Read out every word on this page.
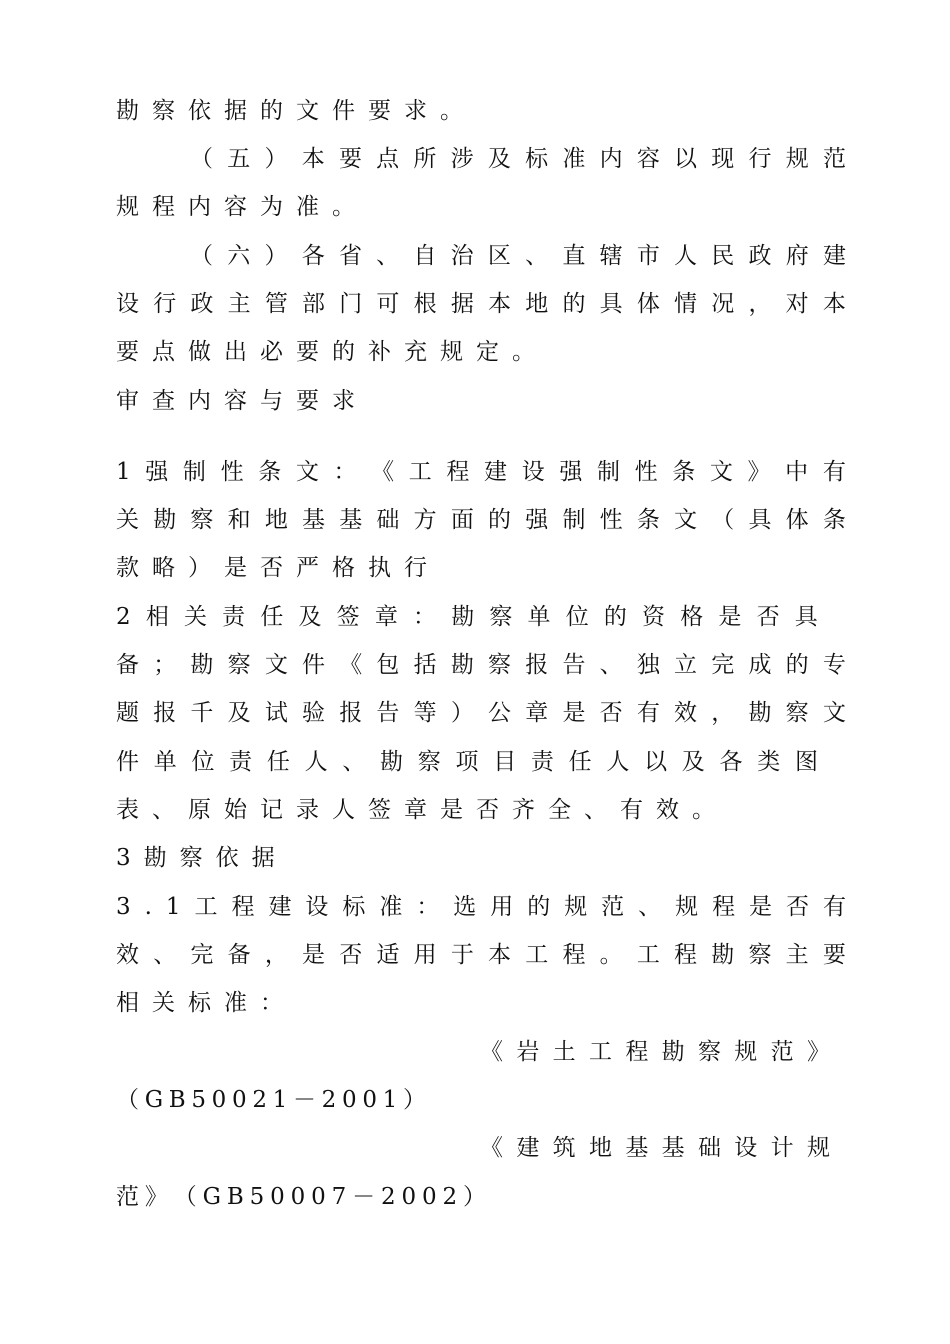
勘 察 依 据 的 文 件 要 求 。
（ 五 ） 本 要 点 所 涉 及 标 准 内 容 以 现 行 规 范
规 程 内 容 为 准 。
（ 六 ） 各 省 、 自 治 区 、 直 辖 市 人 民 政 府 建
设 行 政 主 管 部 门 可 根 据 本 地 的 具 体 情 况 ， 对 本
要 点 做 出 必 要 的 补 充 规 定 。
审 查 内 容 与 要 求
1 强 制 性 条 文 ： 《 工 程 建 设 强 制 性 条 文 》 中 有
关 勘 察 和 地 基 基 础 方 面 的 强 制 性 条 文 （ 具 体 条
款 略 ） 是 否 严 格 执 行
2 相 关 责 任 及 签 章 ： 勘 察 单 位 的 资 格 是 否 具
备 ； 勘 察 文 件 《 包 括 勘 察 报 告 、 独 立 完 成 的 专
题 报 千 及 试 验 报 告 等 ） 公 章 是 否 有 效 ， 勘 察 文
件 单 位 责 任 人 、 勘 察 项 目 责 任 人 以 及 各 类 图
表 、 原 始 记 录 人 签 章 是 否 齐 全 、 有 效 。
3 勘 察 依 据
3 . 1 工 程 建 设 标 准 ： 选 用 的 规 范 、 规 程 是 否 有
效 、 完 备 ， 是 否 适 用 于 本 工 程 。 工 程 勘 察 主 要
相 关 标 准 ：
《 岩 土 工 程 勘 察 规 范 》
（ G B 5 0 0 2 1 － 2 0 0 1 ）
《 建 筑 地 基 基 础 设 计 规
范 》 （ G B 5 0 0 0 7 － 2 0 0 2 ）
